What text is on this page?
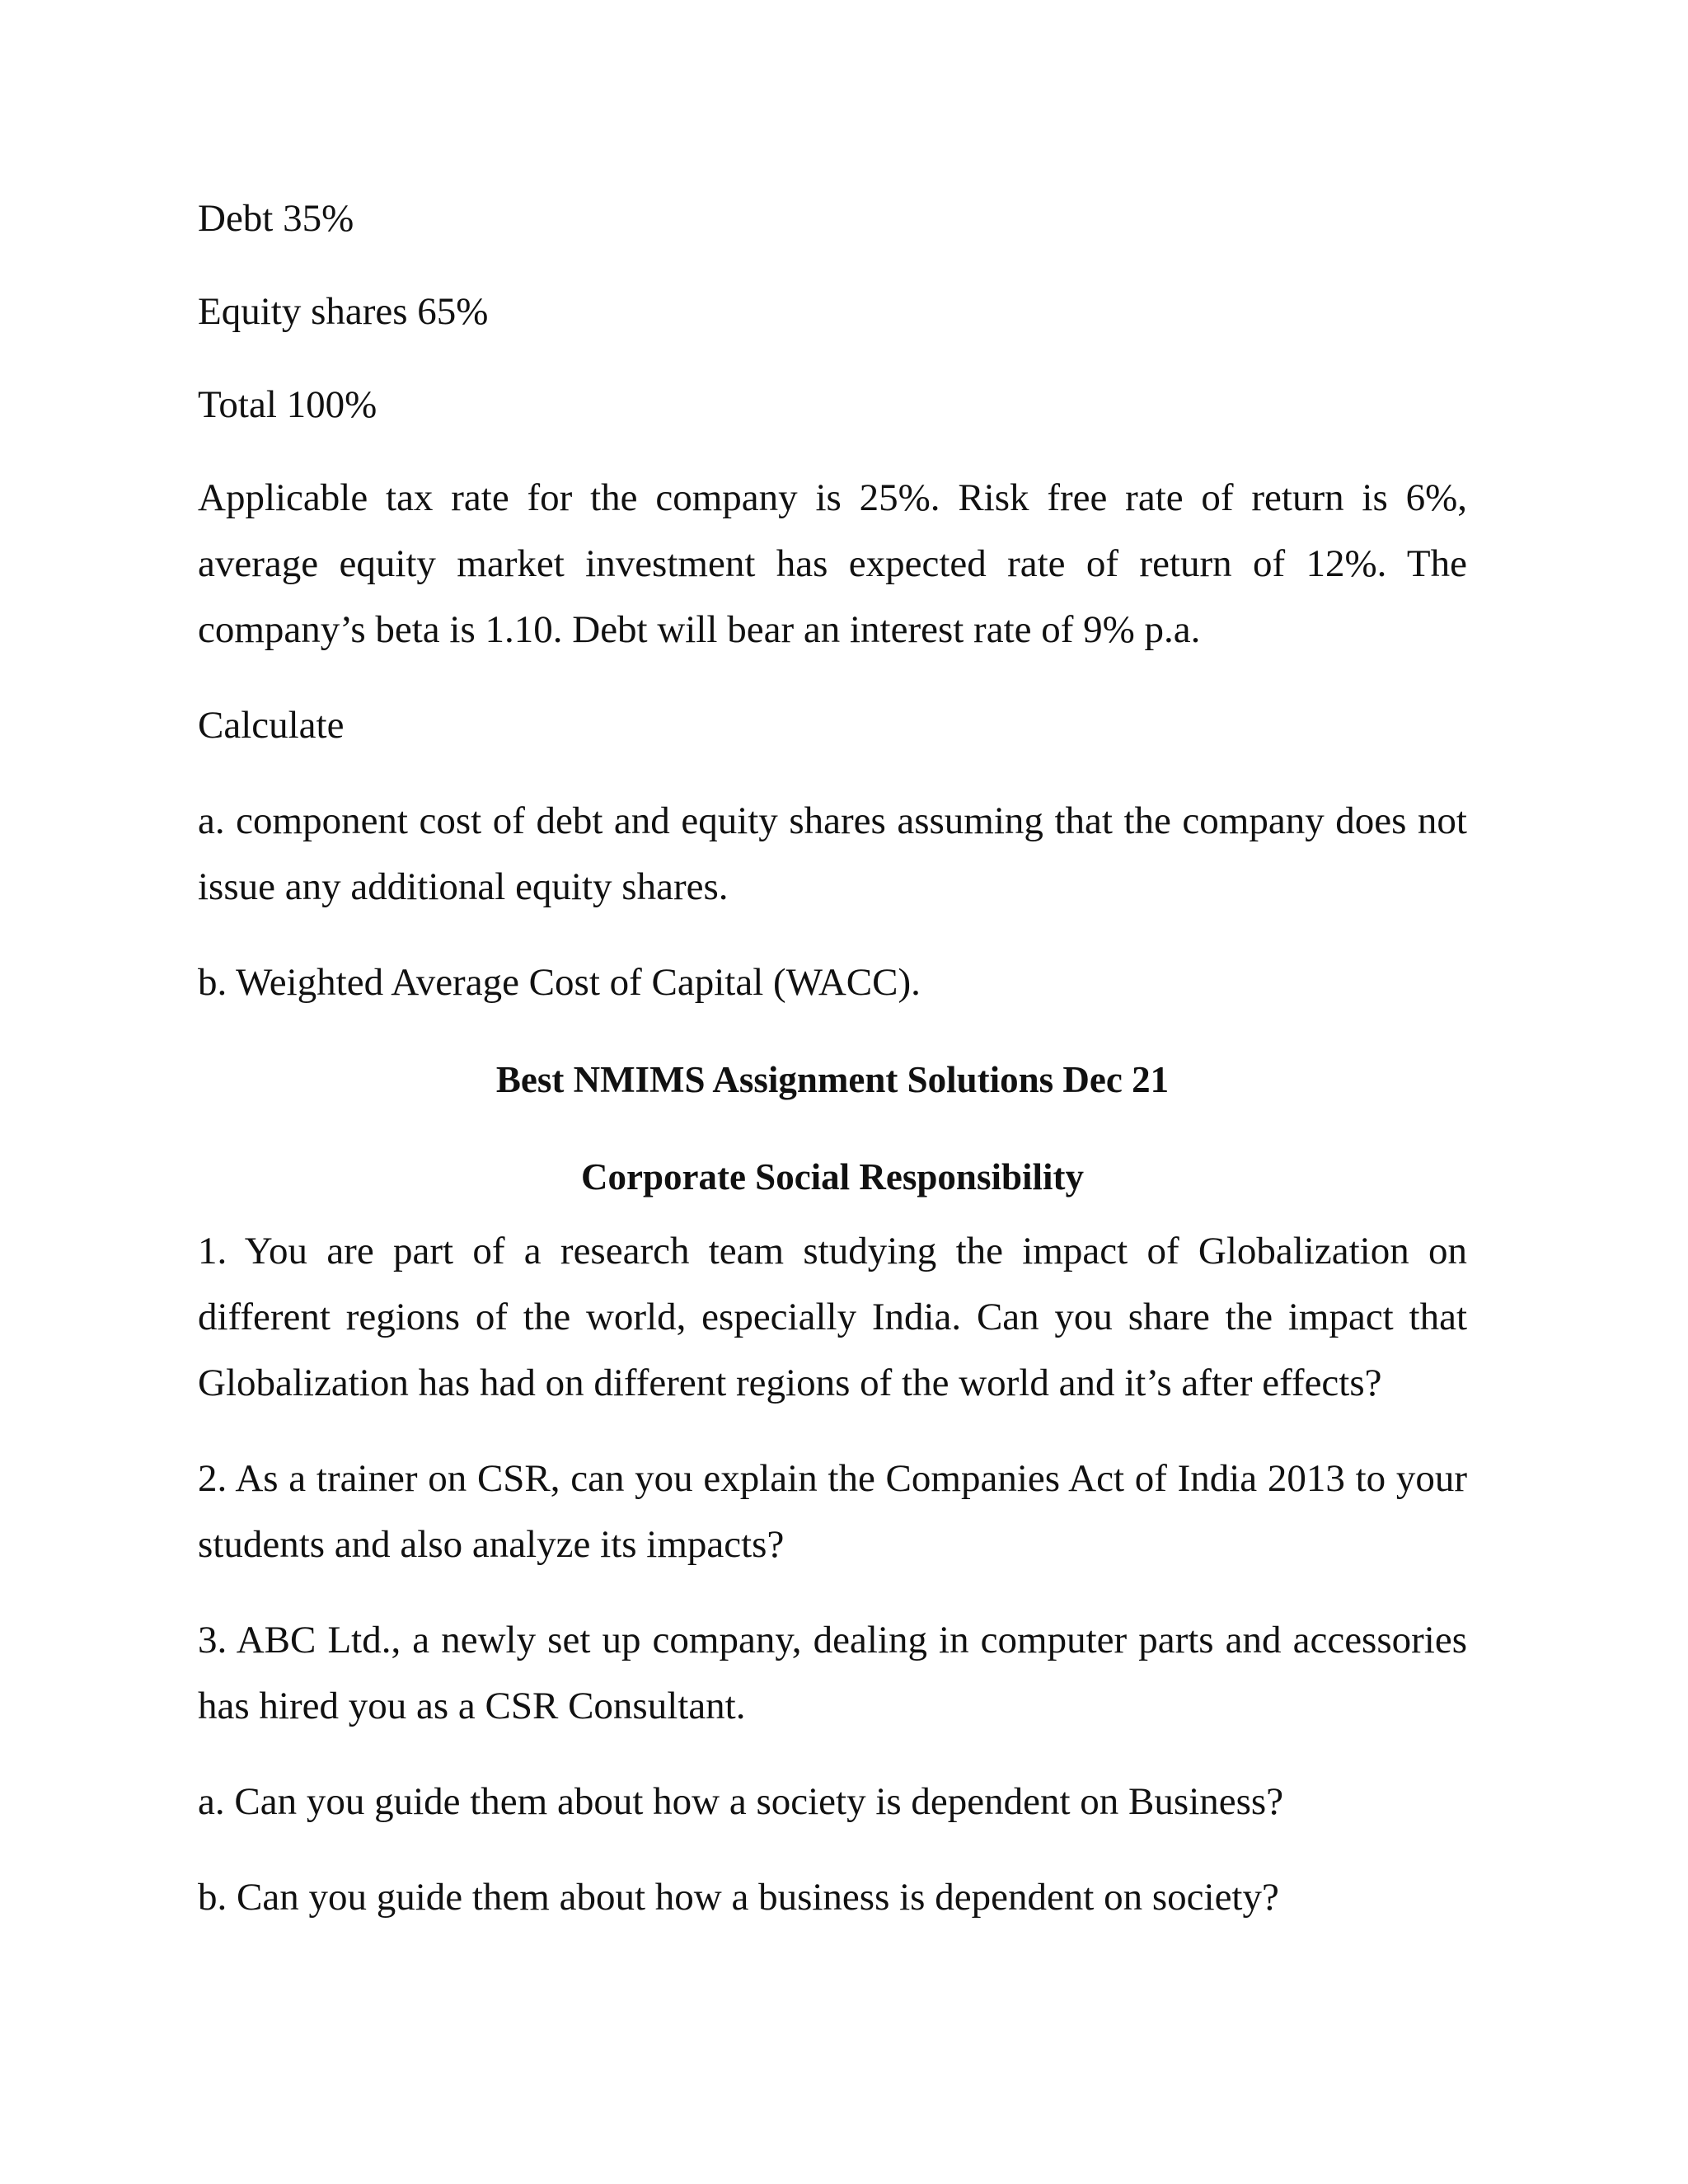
Debt 35%

Equity shares 65%

Total 100%

Applicable tax rate for the company is 25%. Risk free rate of return is 6%, average equity market investment has expected rate of return of 12%. The company’s beta is 1.10. Debt will bear an interest rate of 9% p.a.

Calculate

a. component cost of debt and equity shares assuming that the company does not issue any additional equity shares.

b. Weighted Average Cost of Capital (WACC).

Best NMIMS Assignment Solutions Dec 21

Corporate Social Responsibility

1. You are part of a research team studying the impact of Globalization on different regions of the world, especially India. Can you share the impact that Globalization has had on different regions of the world and it’s after effects?

2. As a trainer on CSR, can you explain the Companies Act of India 2013 to your students and also analyze its impacts?

3. ABC Ltd., a newly set up company, dealing in computer parts and accessories has hired you as a CSR Consultant.

a. Can you guide them about how a society is dependent on Business?

b. Can you guide them about how a business is dependent on society?
